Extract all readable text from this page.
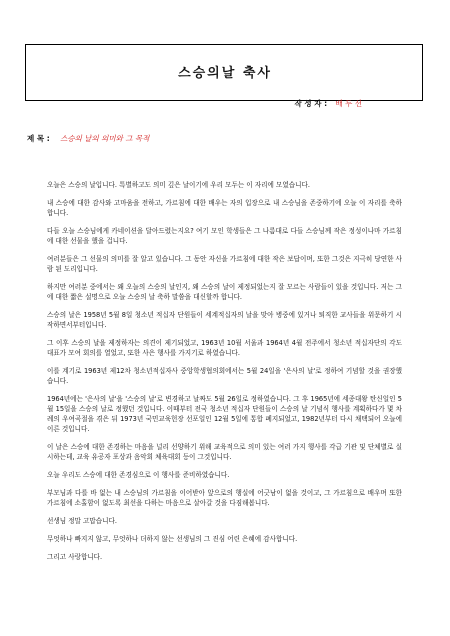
스승의날 축사
작 성 자 : 배 두 선
제 목 : 스승의 날의 의미와 그 목적

오늘은 스승의 날입니다. 특별하고도 의미 깊은 날이기에 우리 모두는 이 자리에 모였습니다.

내 스승에 대한 감사와 고마움을 전하고, 가르침에 대한 배우는 자의 입장으로 내 스승님을 존중하기에 오늘 이 자리를 축하합니다.

다들 오늘 스승님에게 카네이션을 달아드렸는지요? 여기 모인 학생들은 그 나름대로 다들 스승님께 작은 정성이나마 가르침에 대한 선물을 했을 겁니다.

여러분들은 그 선물의 의미를 잘 알고 있습니다. 그 동안 자신을 가르침에 대한 작은 보답이며, 또한 그것은 지극히 당연한 사람 된 도리입니다.

하지만 여러분 중에서는 왜 오늘의 스승의 날인지, 왜 스승의 날이 제정되었는지 잘 모르는 사람들이 있을 것입니다. 저는 그에 대한 짧은 설명으로 오늘 스승의 날 축하 말씀을 대신할까 합니다.

스승의 날은 1958년 5월 8일 청소년 적십자 단원들이 세계적십자의 날을 맞아 병중에 있거나 퇴직한 교사들을 위문하기 시작하면서부터입니다.

그 이후 스승의 날을 제정하자는 의견이 제기되었고, 1963년 10월 서울과 1964년 4월 전주에서 청소년 적십자단의 각도 대표가 모여 회의를 열었고, 또한 사은 행사를 가지기로 하였습니다.

이를 계기로 1963년 제12차 청소년적십자사 중앙학생협의회에서는 5월 24일을 '은사의 날'로 정하여 기념할 것을 권장했습니다.

1964년에는 '은사의 날'을 '스승의 날'로 변경하고 날짜도 5월 26일로 정하였습니다. 그 후 1965년에 세종대왕 탄신일인 5월 15일을 스승의 날로 정했던 것입니다. 이때부터 전국 청소년 적십자 단원들이 스승의 날 기념식 행사를 계획하다가 몇 차례의 우여곡절을 겪은 뒤 1973년 국민교육헌장 선포일인 12월 5일에 통합 폐지되었고, 1982년부터 다시 채택되어 오늘에 이른 것입니다.

이 날은 스승에 대한 존경하는 마음을 널리 선양하기 위해 교육적으로 의미 있는 여러 가지 행사를 각급 기관 및 단체별로 실시하는데, 교육 유공자 포상과 음악회 체육대회 등이 그것입니다.

오늘 우리도 스승에 대한 존경심으로 이 행사를 준비하였습니다.

부모님과 다를 바 없는 내 스승님의 가르침을 이어받아 앞으로의 행실에 어긋남이 없을 것이고, 그 가르침으로 배우며 또한 가르침에 소홀함이 없도록 최선을 다하는 마음으로 살아갈 것을 다짐해봅니다.

선생님 정말 고맙습니다.

무엇하나 빠지지 않고, 무엇하나 더하지 않는 선생님의 그 진심 어린 은혜에 감사합니다.

그리고 사랑합니다.
